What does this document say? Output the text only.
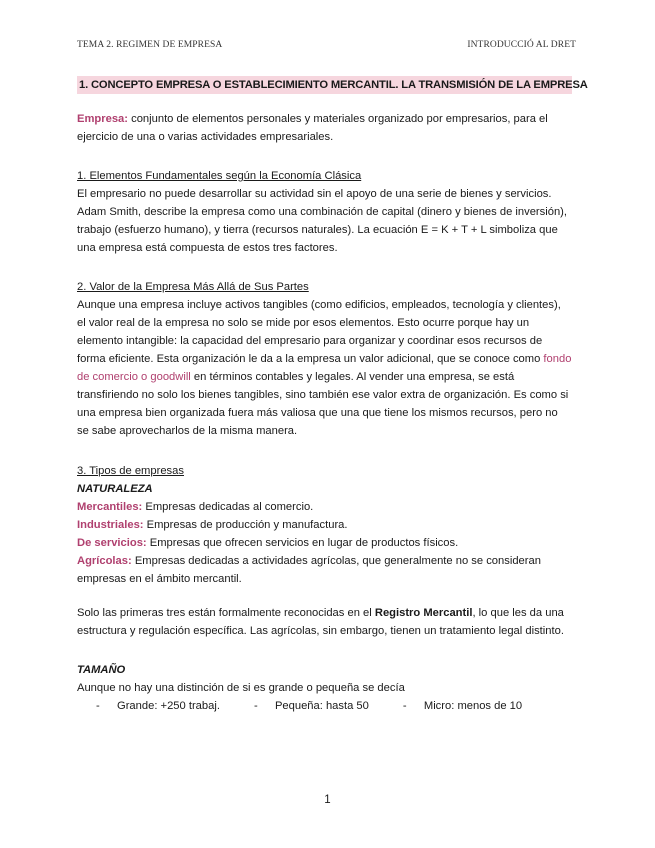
TEMA 2. REGIMEN DE EMPRESA	INTRODUCCIÓ AL DRET
1. CONCEPTO EMPRESA O ESTABLECIMIENTO MERCANTIL. LA TRANSMISIÓN DE LA EMPRESA

Empresa: conjunto de elementos personales y materiales organizado por empresarios, para el ejercicio de una o varias actividades empresariales.

1. Elementos Fundamentales según la Economía Clásica

El empresario no puede desarrollar su actividad sin el apoyo de una serie de bienes y servicios. Adam Smith, describe la empresa como una combinación de capital (dinero y bienes de inversión), trabajo (esfuerzo humano), y tierra (recursos naturales). La ecuación E = K + T + L simboliza que una empresa está compuesta de estos tres factores.

2. Valor de la Empresa Más Allá de Sus Partes

Aunque una empresa incluye activos tangibles (como edificios, empleados, tecnología y clientes), el valor real de la empresa no solo se mide por esos elementos. Esto ocurre porque hay un elemento intangible: la capacidad del empresario para organizar y coordinar esos recursos de forma eficiente. Esta organización le da a la empresa un valor adicional, que se conoce como fondo de comercio o goodwill en términos contables y legales. Al vender una empresa, se está transfiriendo no solo los bienes tangibles, sino también ese valor extra de organización. Es como si una empresa bien organizada fuera más valiosa que una que tiene los mismos recursos, pero no se sabe aprovecharlos de la misma manera.

3. Tipos de empresas

NATURALEZA

Mercantiles: Empresas dedicadas al comercio.

Industriales: Empresas de producción y manufactura.

De servicios: Empresas que ofrecen servicios en lugar de productos físicos.

Agrícolas: Empresas dedicadas a actividades agrícolas, que generalmente no se consideran empresas en el ámbito mercantil.

Solo las primeras tres están formalmente reconocidas en el Registro Mercantil, lo que les da una estructura y regulación específica. Las agrícolas, sin embargo, tienen un tratamiento legal distinto.

TAMAÑO

Aunque no hay una distinción de si es grande o pequeña se decía

-	Grande: +250 trabaj.	-	Pequeña: hasta 50	-	Micro: menos de 10
1
